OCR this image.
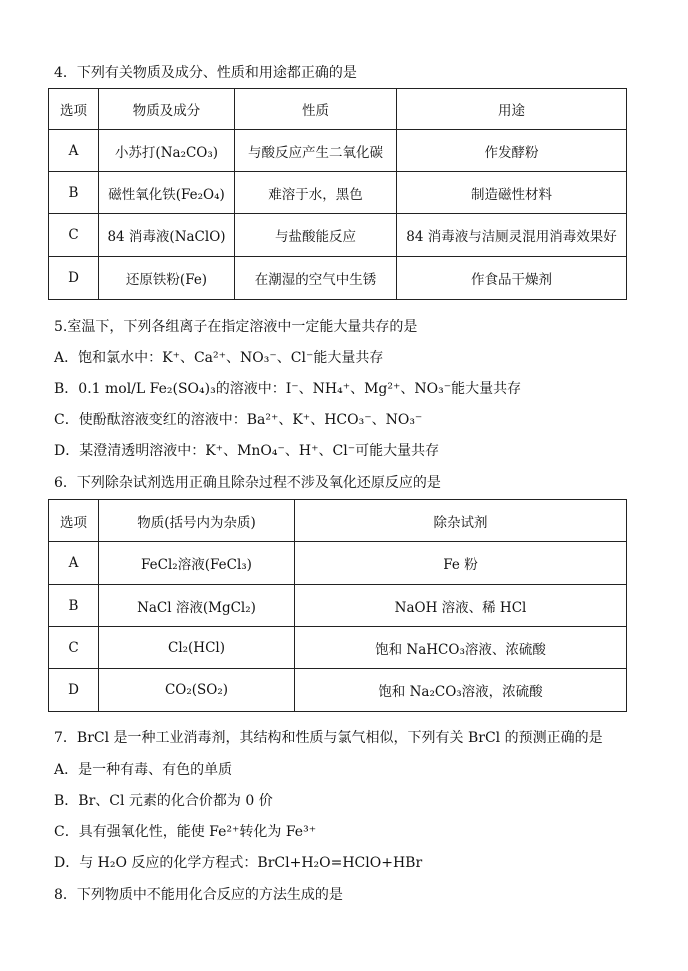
4．下列有关物质及成分、性质和用途都正确的是
选项	物质及成分	性质	用途
A	小苏打(Na₂CO₃)	与酸反应产生二氧化碳	作发酵粉
B	磁性氧化铁(Fe₂O₄)	难溶于水，黑色	制造磁性材料
C	84 消毒液(NaClO)	与盐酸能反应	84 消毒液与洁厕灵混用消毒效果好
D	还原铁粉(Fe)	在潮湿的空气中生锈	作食品干燥剂
5.室温下，下列各组离子在指定溶液中一定能大量共存的是
A．饱和氯水中：K⁺、Ca²⁺、NO₃⁻、Cl⁻能大量共存
B．0.1 mol/L Fe₂(SO₄)₃的溶液中：I⁻、NH₄⁺、Mg²⁺、NO₃⁻能大量共存
C．使酚酞溶液变红的溶液中：Ba²⁺、K⁺、HCO₃⁻、NO₃⁻
D．某澄清透明溶液中：K⁺、MnO₄⁻、H⁺、Cl⁻可能大量共存
6．下列除杂试剂选用正确且除杂过程不涉及氧化还原反应的是
选项	物质(括号内为杂质)	除杂试剂
A	FeCl₂溶液(FeCl₃)	Fe 粉
B	NaCl 溶液(MgCl₂)	NaOH 溶液、稀 HCl
C	Cl₂(HCl)	饱和 NaHCO₃溶液、浓硫酸
D	CO₂(SO₂)	饱和 Na₂CO₃溶液，浓硫酸
7．BrCl 是一种工业消毒剂，其结构和性质与氯气相似，下列有关 BrCl 的预测正确的是
A．是一种有毒、有色的单质
B．Br、Cl 元素的化合价都为 0 价
C．具有强氧化性，能使 Fe²⁺转化为 Fe³⁺
D．与 H₂O 反应的化学方程式：BrCl+H₂O=HClO+HBr
8．下列物质中不能用化合反应的方法生成的是
